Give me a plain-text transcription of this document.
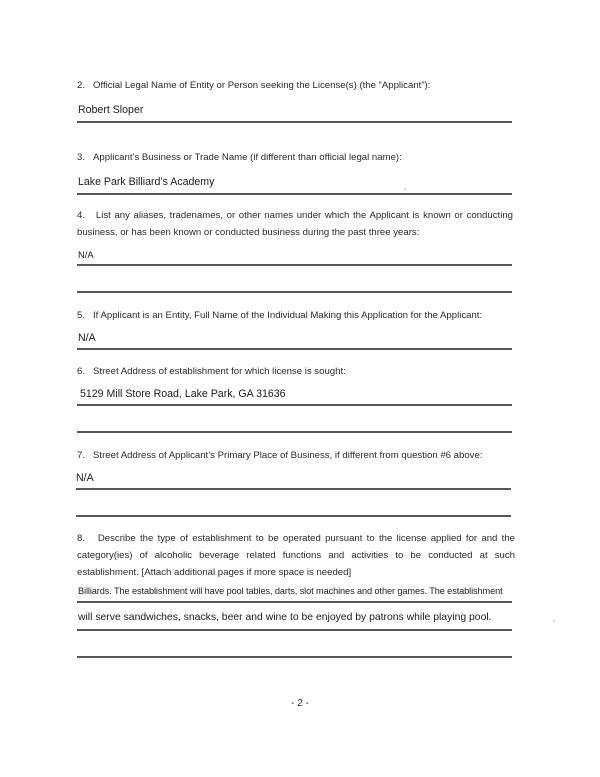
2. Official Legal Name of Entity or Person seeking the License(s) (the “Applicant”):
Robert Sloper
3. Applicant’s Business or Trade Name (if different than official legal name):
Lake Park Billiard’s Academy
4. List any aliases, tradenames, or other names under which the Applicant is known or conducting business, or has been known or conducted business during the past three years:
N/A
5. If Applicant is an Entity, Full Name of the Individual Making this Application for the Applicant:
N/A
6. Street Address of establishment for which license is sought:
5129 Mill Store Road, Lake Park, GA 31636
7. Street Address of Applicant’s Primary Place of Business, if different from question #6 above:
N/A
8. Describe the type of establishment to be operated pursuant to the license applied for and the category(ies) of alcoholic beverage related functions and activities to be conducted at such establishment. [Attach additional pages if more space is needed]
Billiards. The establishment will have pool tables, darts, slot machines and other games. The establishment
will serve sandwiches, snacks, beer and wine to be enjoyed by patrons while playing pool.
- 2 -
